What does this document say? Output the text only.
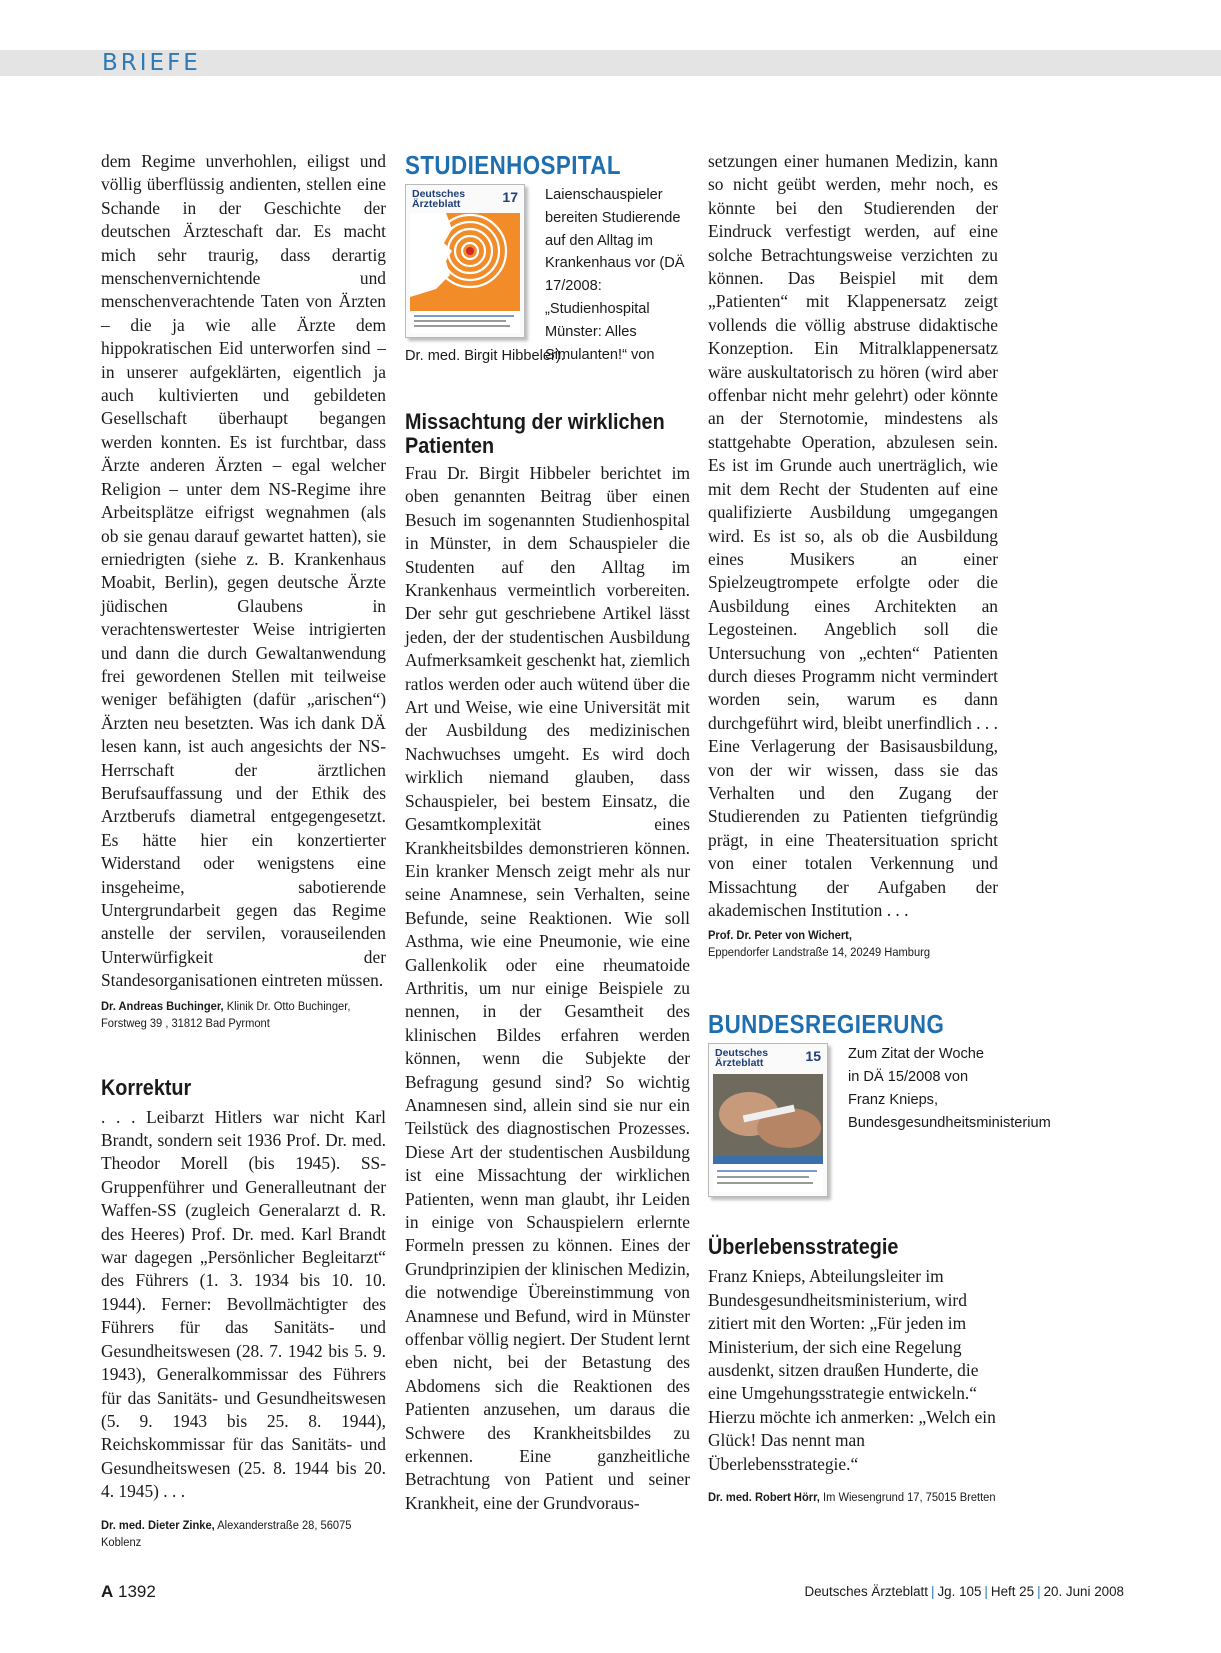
BRIEFE

dem Regime unverhohlen, eiligst und völlig überflüssig andienten, stellen eine Schande in der Geschichte der deutschen Ärzteschaft dar. Es macht mich sehr traurig, dass derartig menschenvernichtende und menschenverachtende Taten von Ärzten – die ja wie alle Ärzte dem hippokratischen Eid unterworfen sind – in unserer aufgeklärten, eigentlich ja auch kultivierten und gebildeten Gesellschaft überhaupt begangen werden konnten. Es ist furchtbar, dass Ärzte anderen Ärzten – egal welcher Religion – unter dem NS-Regime ihre Arbeitsplätze eifrigst wegnahmen (als ob sie genau darauf gewartet hatten), sie erniedrigten (siehe z. B. Krankenhaus Moabit, Berlin), gegen deutsche Ärzte jüdischen Glaubens in verachtenswertester Weise intrigierten und dann die durch Gewaltanwendung frei gewordenen Stellen mit teilweise weniger befähigten (dafür „arischen“) Ärzten neu besetzten. Was ich dank DÄ lesen kann, ist auch angesichts der NS-Herrschaft der ärztlichen Berufsauffassung und der Ethik des Arztberufs diametral entgegengesetzt. Es hätte hier ein konzertierter Widerstand oder wenigstens eine insgeheime, sabotierende Untergrundarbeit gegen das Regime anstelle der servilen, vorauseilenden Unterwürfigkeit der Standesorganisationen eintreten müssen.

Dr. Andreas Buchinger, Klinik Dr. Otto Buchinger, Forstweg 39 , 31812 Bad Pyrmont

Korrektur

. . . Leibarzt Hitlers war nicht Karl Brandt, sondern seit 1936 Prof. Dr. med. Theodor Morell (bis 1945). SS-Gruppenführer und Generalleutnant der Waffen-SS (zugleich Generalarzt d. R. des Heeres) Prof. Dr. med. Karl Brandt war dagegen „Persönlicher Begleitarzt“ des Führers (1. 3. 1934 bis 10. 10. 1944). Ferner: Bevollmächtigter des Führers für das Sanitäts- und Gesundheitswesen (28. 7. 1942 bis 5. 9. 1943), Generalkommissar des Führers für das Sanitäts- und Gesundheitswesen (5. 9. 1943 bis 25. 8. 1944), Reichskommissar für das Sanitäts- und Gesundheitswesen (25. 8. 1944 bis 20. 4. 1945) . . .

Dr. med. Dieter Zinke, Alexanderstraße 28, 56075 Koblenz

STUDIENHOSPITAL
Deutsches Ärzteblatt	17 Laienschauspieler bereiten Studierende auf den Alltag im Krankenhaus vor (DÄ 17/2008: „Studienhospital Münster: Alles Simulanten!“ von

Dr. med. Birgit Hibbeler).

Missachtung der wirklichen Patienten

Frau Dr. Birgit Hibbeler berichtet im oben genannten Beitrag über einen Besuch im sogenannten Studienhospital in Münster, in dem Schauspieler die Studenten auf den Alltag im Krankenhaus vermeintlich vorbereiten. Der sehr gut geschriebene Artikel lässt jeden, der der studentischen Ausbildung Aufmerksamkeit geschenkt hat, ziemlich ratlos werden oder auch wütend über die Art und Weise, wie eine Universität mit der Ausbildung des medizinischen Nachwuchses umgeht. Es wird doch wirklich niemand glauben, dass Schauspieler, bei bestem Einsatz, die Gesamtkomplexität eines Krankheitsbildes demonstrieren können. Ein kranker Mensch zeigt mehr als nur seine Anamnese, sein Verhalten, seine Befunde, seine Reaktionen. Wie soll Asthma, wie eine Pneumonie, wie eine Gallenkolik oder eine rheumatoide Arthritis, um nur einige Beispiele zu nennen, in der Gesamtheit des klinischen Bildes erfahren werden können, wenn die Subjekte der Befragung gesund sind? So wichtig Anamnesen sind, allein sind sie nur ein Teilstück des diagnostischen Prozesses. Diese Art der studentischen Ausbildung ist eine Missachtung der wirklichen Patienten, wenn man glaubt, ihr Leiden in einige von Schauspielern erlernte Formeln pressen zu können. Eines der Grundprinzipien der klinischen Medizin, die notwendige Übereinstimmung von Anamnese und Befund, wird in Münster offenbar völlig negiert. Der Student lernt eben nicht, bei der Betastung des Abdomens sich die Reaktionen des Patienten anzusehen, um daraus die Schwere des Krankheitsbildes zu erkennen. Eine ganzheitliche Betrachtung von Patient und seiner Krankheit, eine der Grundvoraus-

setzungen einer humanen Medizin, kann so nicht geübt werden, mehr noch, es könnte bei den Studierenden der Eindruck verfestigt werden, auf eine solche Betrachtungsweise verzichten zu können. Das Beispiel mit dem „Patienten“ mit Klappenersatz zeigt vollends die völlig abstruse didaktische Konzeption. Ein Mitralklappenersatz wäre auskultatorisch zu hören (wird aber offenbar nicht mehr gelehrt) oder könnte an der Sternotomie, mindestens als stattgehabte Operation, abzulesen sein. Es ist im Grunde auch unerträglich, wie mit dem Recht der Studenten auf eine qualifizierte Ausbildung umgegangen wird. Es ist so, als ob die Ausbildung eines Musikers an einer Spielzeugtrompete erfolgte oder die Ausbildung eines Architekten an Legosteinen. Angeblich soll die Untersuchung von „echten“ Patienten durch dieses Programm nicht vermindert worden sein, warum es dann durchgeführt wird, bleibt unerfindlich . . . Eine Verlagerung der Basisausbildung, von der wir wissen, dass sie das Verhalten und den Zugang der Studierenden zu Patienten tiefgründig prägt, in eine Theatersituation spricht von einer totalen Verkennung und Missachtung der Aufgaben der akademischen Institution . . .

Prof. Dr. Peter von Wichert,
Eppendorfer Landstraße 14, 20249 Hamburg

BUNDESREGIERUNG
Deutsches Ärzteblatt	15 Zum Zitat der Woche in DÄ 15/2008 von Franz Knieps, Bundesgesundheitsministerium

Überlebensstrategie

Franz Knieps, Abteilungsleiter im Bundesgesundheitsministerium, wird zitiert mit den Worten: „Für jeden im Ministerium, der sich eine Regelung ausdenkt, sitzen draußen Hunderte, die eine Umgehungsstrategie entwickeln.“ Hierzu möchte ich anmerken: „Welch ein Glück! Das nennt man Überlebensstrategie.“

Dr. med. Robert Hörr, Im Wiesengrund 17, 75015 Bretten

A 1392	Deutsches Ärzteblatt | Jg. 105 | Heft 25 | 20. Juni 2008
